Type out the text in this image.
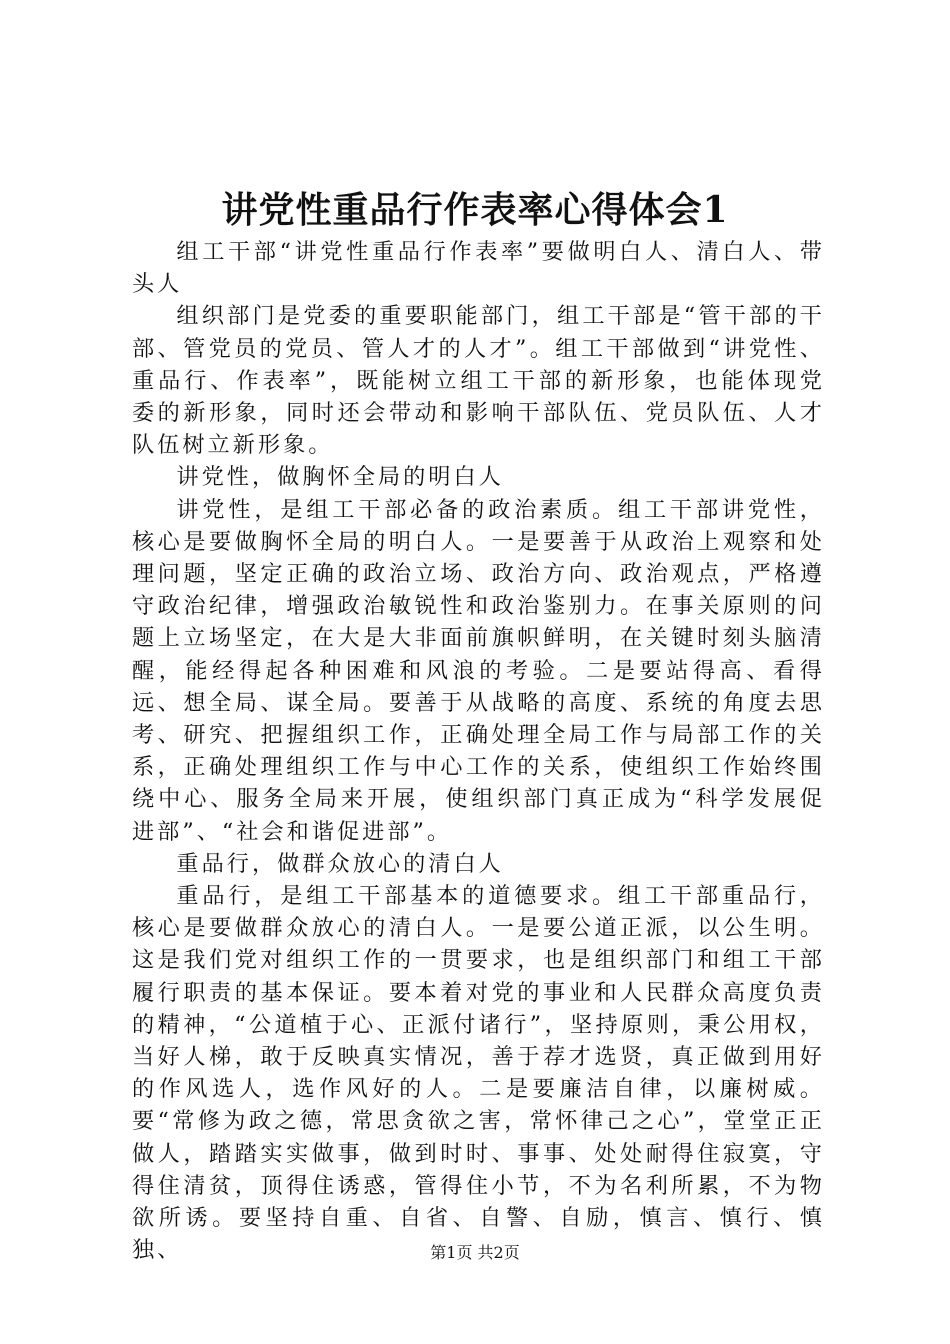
讲党性重品行作表率心得体会1

组工干部“讲党性重品行作表率”要做明白人、清白人、带头人

组织部门是党委的重要职能部门，组工干部是“管干部的干部、管党员的党员、管人才的人才”。组工干部做到“讲党性、重品行、作表率”，既能树立组工干部的新形象，也能体现党委的新形象，同时还会带动和影响干部队伍、党员队伍、人才队伍树立新形象。

讲党性，做胸怀全局的明白人

讲党性，是组工干部必备的政治素质。组工干部讲党性，核心是要做胸怀全局的明白人。一是要善于从政治上观察和处理问题，坚定正确的政治立场、政治方向、政治观点，严格遵守政治纪律，增强政治敏锐性和政治鉴别力。在事关原则的问题上立场坚定，在大是大非面前旗帜鲜明，在关键时刻头脑清醒，能经得起各种困难和风浪的考验。二是要站得高、看得远、想全局、谋全局。要善于从战略的高度、系统的角度去思考、研究、把握组织工作，正确处理全局工作与局部工作的关系，正确处理组织工作与中心工作的关系，使组织工作始终围绕中心、服务全局来开展，使组织部门真正成为“科学发展促进部”、“社会和谐促进部”。

重品行，做群众放心的清白人

重品行，是组工干部基本的道德要求。组工干部重品行，核心是要做群众放心的清白人。一是要公道正派，以公生明。这是我们党对组织工作的一贯要求，也是组织部门和组工干部履行职责的基本保证。要本着对党的事业和人民群众高度负责的精神，“公道植于心、正派付诸行”，坚持原则，秉公用权，当好人梯，敢于反映真实情况，善于荐才选贤，真正做到用好的作风选人，选作风好的人。二是要廉洁自律，以廉树威。要“常修为政之德，常思贪欲之害，常怀律己之心”，堂堂正正做人，踏踏实实做事，做到时时、事事、处处耐得住寂寞，守得住清贫，顶得住诱惑，管得住小节，不为名利所累，不为物欲所诱。要坚持自重、自省、自警、自励，慎言、慎行、慎独、	第1页 共2页
